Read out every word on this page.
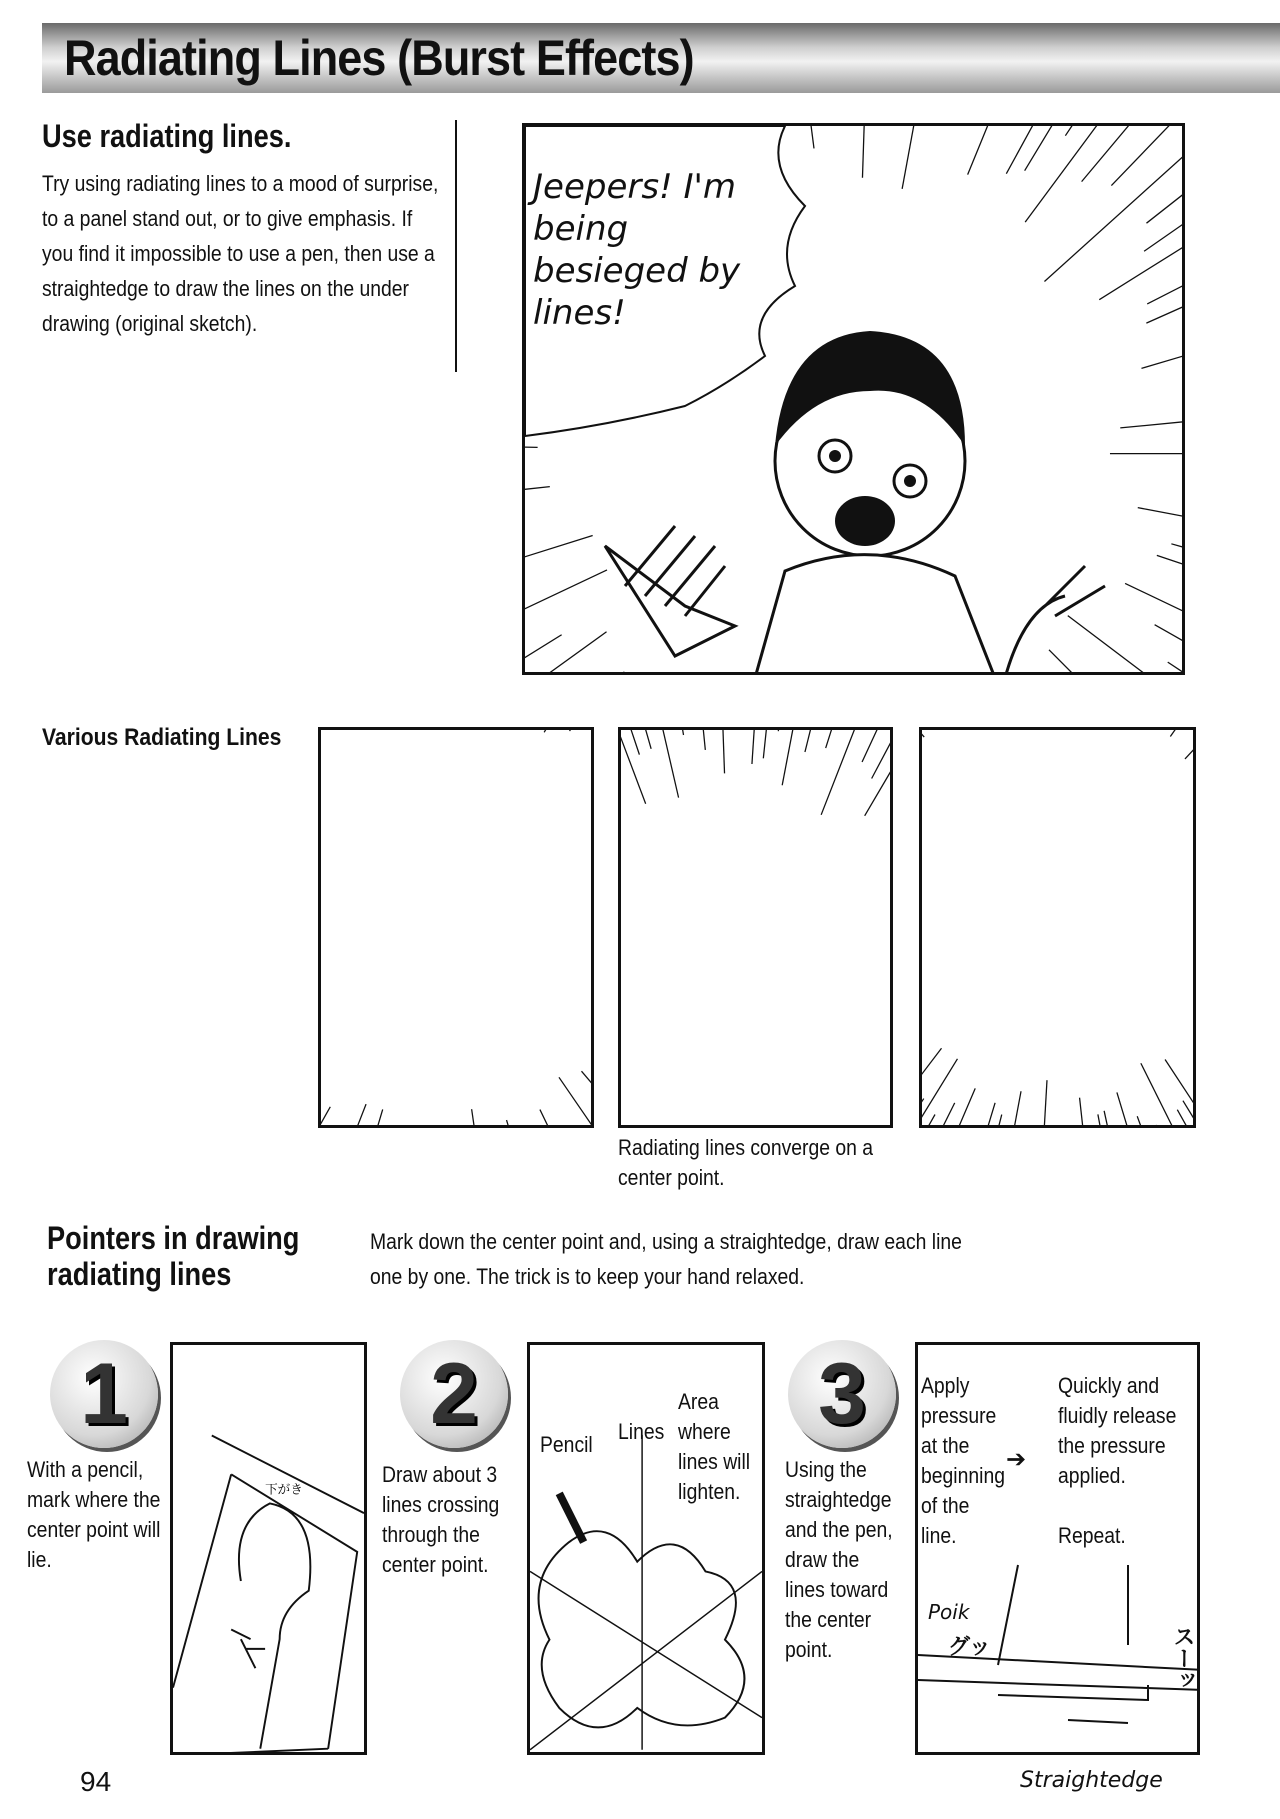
Radiating Lines (Burst Effects)
Use radiating lines.
Try using radiating lines to a mood of surprise, to a panel stand out, or to give emphasis. If you find it impossible to use a pen, then use a straightedge to draw the lines on the under drawing (original sketch).
Jeepers! I'm being besieged by lines!
Various Radiating Lines
Radiating lines converge on a center point.
Pointers in drawing radiating lines
Mark down the center point and, using a straightedge, draw each line one by one. The trick is to keep your hand relaxed.
1
With a pencil, mark where the center point will lie.
下がき
2
Draw about 3 lines crossing through the center point.
Pencil
Lines
Area where lines will lighten.
3
Using the straightedge and the pen, draw the lines toward the center point.
Apply pressure at the beginning of the line.
➔
Quickly and fluidly release the pressure applied.
Repeat.
Poik
グッ	スーッ
Straightedge
94
